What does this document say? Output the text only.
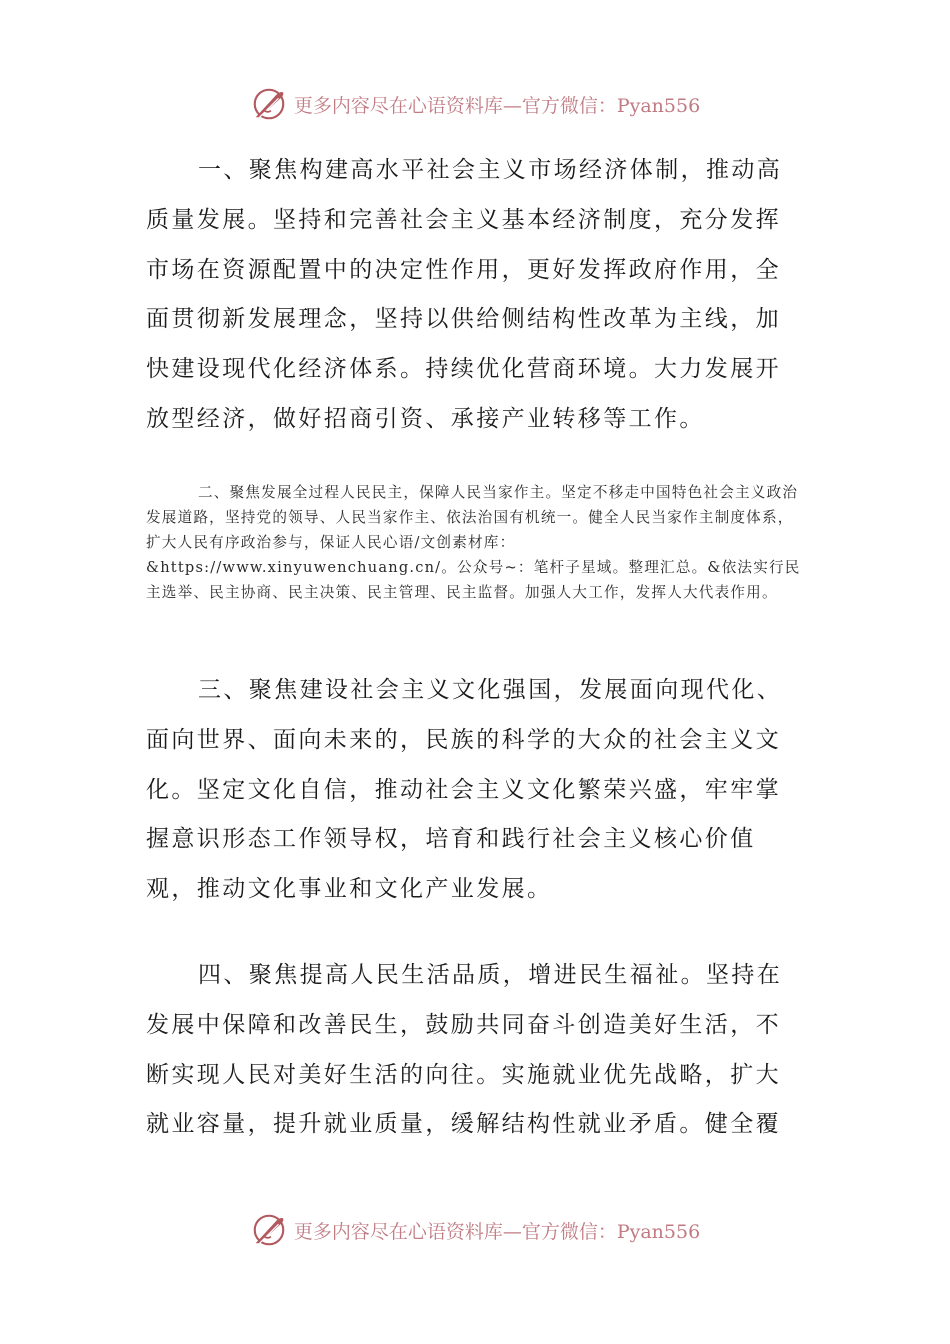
更多内容尽在心语资料库—官方微信：Pyan556

一、聚焦构建高水平社会主义市场经济体制，推动高质量发展。坚持和完善社会主义基本经济制度，充分发挥市场在资源配置中的决定性作用，更好发挥政府作用，全面贯彻新发展理念，坚持以供给侧结构性改革为主线，加快建设现代化经济体系。持续优化营商环境。大力发展开放型经济，做好招商引资、承接产业转移等工作。

二、聚焦发展全过程人民民主，保障人民当家作主。坚定不移走中国特色社会主义政治发展道路，坚持党的领导、人民当家作主、依法治国有机统一。健全人民当家作主制度体系，扩大人民有序政治参与，保证人民心语/文创素材库：&https://www.xinyuwenchuang.cn/。公众号~：笔杆子星域。整理汇总。&依法实行民主选举、民主协商、民主决策、民主管理、民主监督。加强人大工作，发挥人大代表作用。

三、聚焦建设社会主义文化强国，发展面向现代化、面向世界、面向未来的，民族的科学的大众的社会主义文化。坚定文化自信，推动社会主义文化繁荣兴盛，牢牢掌握意识形态工作领导权，培育和践行社会主义核心价值观，推动文化事业和文化产业发展。

四、聚焦提高人民生活品质，增进民生福祉。坚持在发展中保障和改善民生，鼓励共同奋斗创造美好生活，不断实现人民对美好生活的向往。实施就业优先战略，扩大就业容量，提升就业质量，缓解结构性就业矛盾。健全覆

更多内容尽在心语资料库—官方微信：Pyan556
